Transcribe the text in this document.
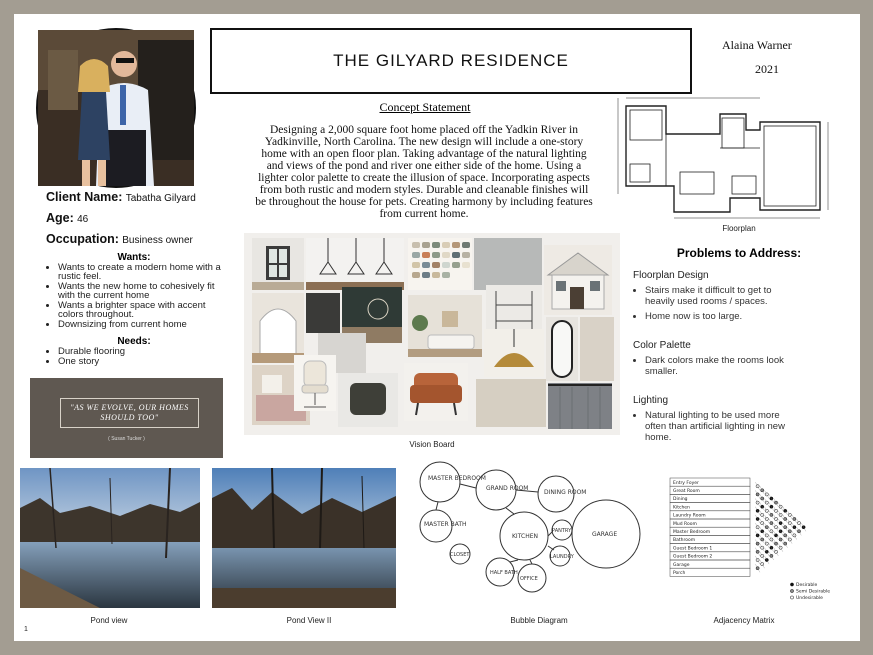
Client Name: Tabatha Gilyard
Age: 46
Occupation: Business owner
Wants:
• Wants to create a modern home with a rustic feel.
• Wants the new home to cohesively fit with the current home
• Wants a brighter space with accent colors throughout.
• Downsizing from current home
Needs:
• Durable flooring
• One story
"AS WE EVOLVE, OUR HOMES SHOULD TOO"
( Susan Tucker )
THE GILYARD RESIDENCE
Alaina Warner
2021
Concept Statement
Designing a 2,000 square foot home placed off the Yadkin River in Yadkinville, North Carolina. The new design will include a one-story home with an open floor plan. Taking advantage of the natural lighting and views of the pond and river one either side of the home. Using a lighter color palette to create the illusion of space. Incorporating aspects from both rustic and modern styles. Durable and cleanable finishes will be throughout the house for pets. Creating harmony by including features from current home.
Floorplan
Vision Board
Problems to Address:
Floorplan Design
• Stairs make it difficult to get to heavily used rooms / spaces.
• Home now is too large.
Color Palette
• Dark colors make the rooms look smaller.
Lighting
• Natural lighting to be used more often than artificial lighting in new home.
Pond view	Pond View II
MASTER BEDROOM
GRAND ROOM
DINING ROOM
MASTER BATH
KITCHEN
PANTRY	GARAGE
CLOSET	LAUNDRY
HALF BATH
OFFICE
Bubble Diagram
Entry Foyer
Great Room
Dining
Kitchen
Laundry Room
Mud Room
Master Bedroom
Bathroom
Guest Bedroom 1
Guest Bedroom 2
Garage
Porch
Desirable
Semi Desirable
Undesirable
Adjacency Matrix
1
